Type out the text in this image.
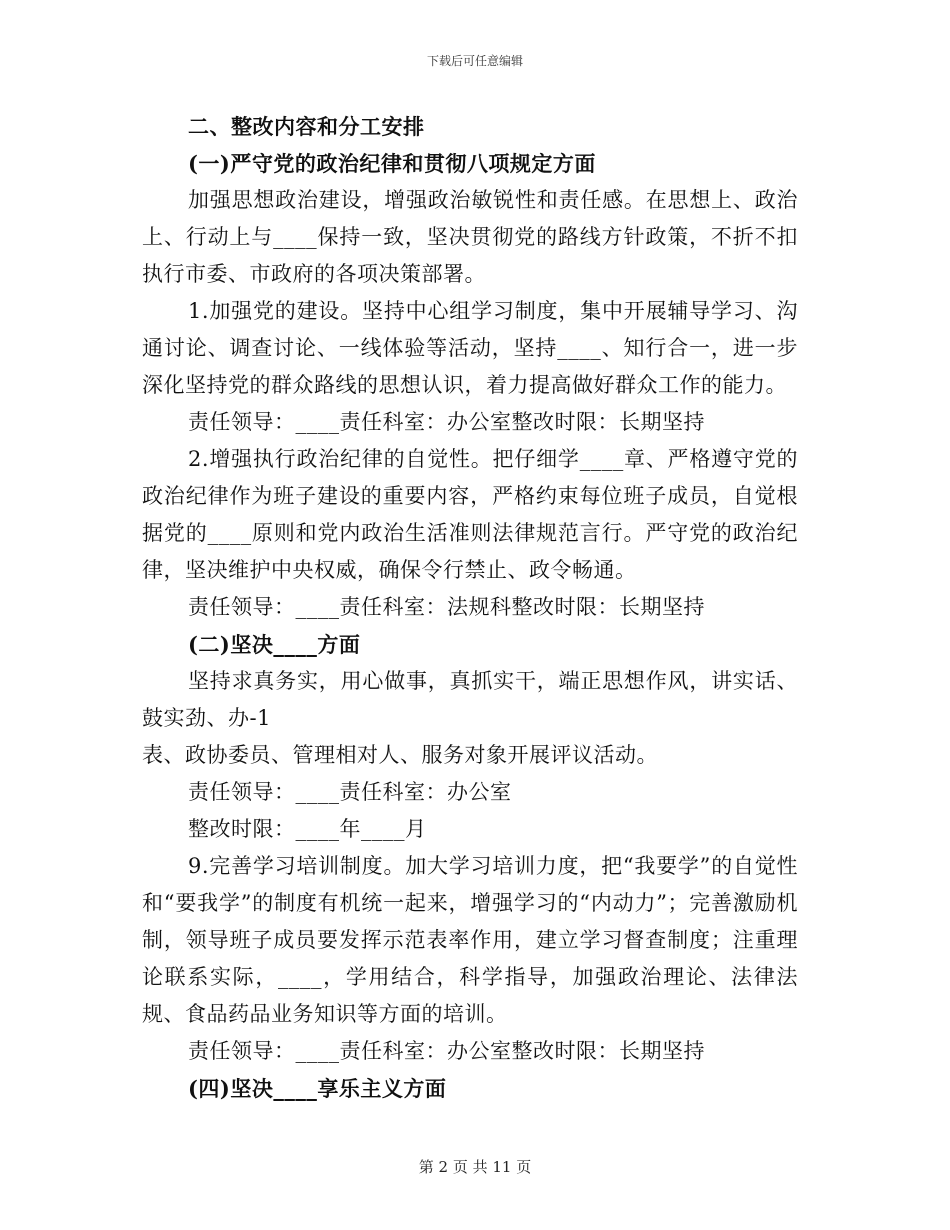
下载后可任意编辑

二、整改内容和分工安排

(一)严守党的政治纪律和贯彻八项规定方面

加强思想政治建设，增强政治敏锐性和责任感。在思想上、政治上、行动上与____保持一致，坚决贯彻党的路线方针政策，不折不扣执行市委、市政府的各项决策部署。

1.加强党的建设。坚持中心组学习制度，集中开展辅导学习、沟通讨论、调查讨论、一线体验等活动，坚持____、知行合一，进一步深化坚持党的群众路线的思想认识，着力提高做好群众工作的能力。

责任领导：____责任科室：办公室整改时限：长期坚持

2.增强执行政治纪律的自觉性。把仔细学____章、严格遵守党的政治纪律作为班子建设的重要内容，严格约束每位班子成员，自觉根据党的____原则和党内政治生活准则法律规范言行。严守党的政治纪律，坚决维护中央权威，确保令行禁止、政令畅通。

责任领导：____责任科室：法规科整改时限：长期坚持

(二)坚决____方面

坚持求真务实，用心做事，真抓实干，端正思想作风，讲实话、鼓实劲、办-1

表、政协委员、管理相对人、服务对象开展评议活动。

责任领导：____责任科室：办公室

整改时限：____年____月

9.完善学习培训制度。加大学习培训力度，把“我要学”的自觉性和“要我学”的制度有机统一起来，增强学习的“内动力”；完善激励机制，领导班子成员要发挥示范表率作用，建立学习督查制度；注重理论联系实际，____，学用结合，科学指导，加强政治理论、法律法规、食品药品业务知识等方面的培训。

责任领导：____责任科室：办公室整改时限：长期坚持

(四)坚决____享乐主义方面

第 2 页 共 11 页
